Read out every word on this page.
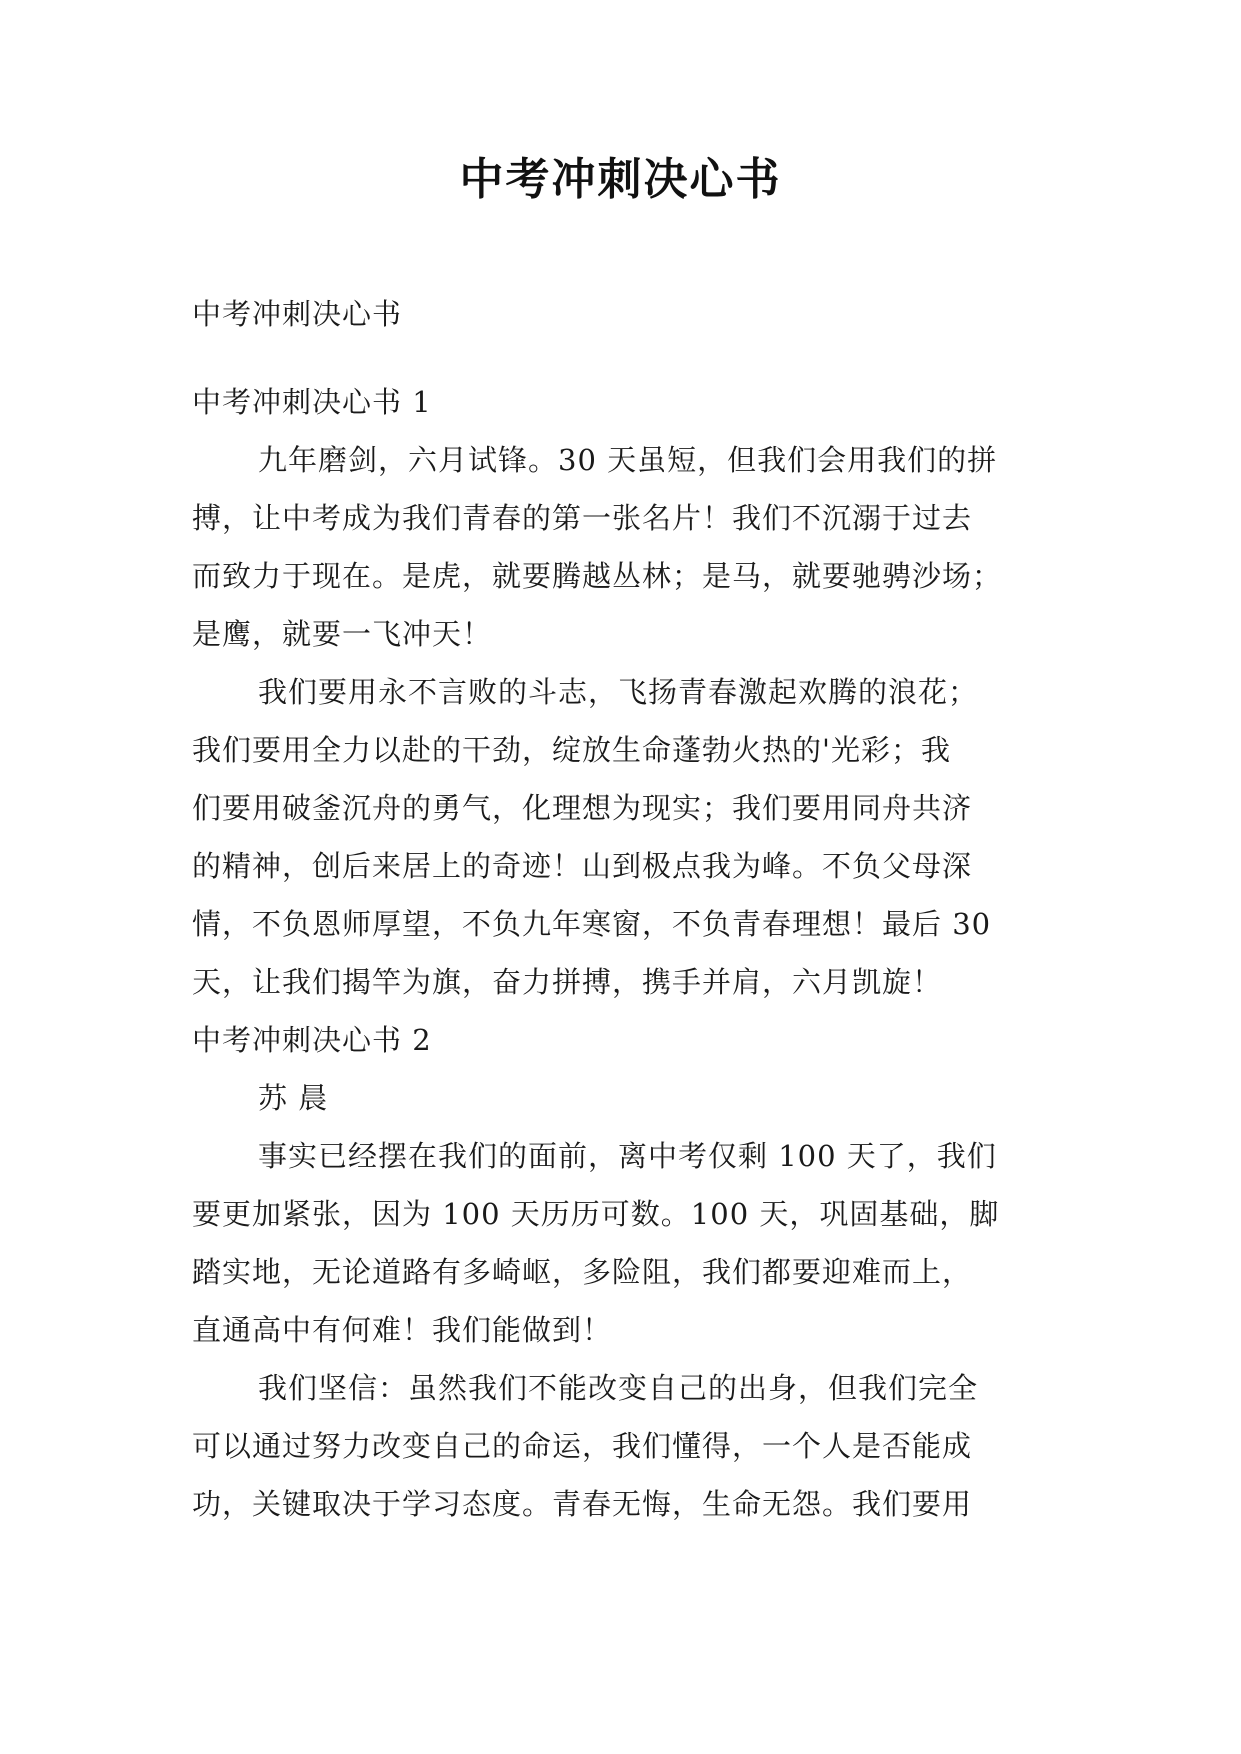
中考冲刺决心书
中考冲刺决心书
中考冲刺决心书 1
九年磨剑，六月试锋。30 天虽短，但我们会用我们的拼
搏，让中考成为我们青春的第一张名片！我们不沉溺于过去
而致力于现在。是虎，就要腾越丛林；是马，就要驰骋沙场；
是鹰，就要一飞冲天！
我们要用永不言败的斗志，飞扬青春激起欢腾的浪花；
我们要用全力以赴的干劲，绽放生命蓬勃火热的'光彩；我
们要用破釜沉舟的勇气，化理想为现实；我们要用同舟共济
的精神，创后来居上的奇迹！山到极点我为峰。不负父母深
情，不负恩师厚望，不负九年寒窗，不负青春理想！最后 30
天，让我们揭竿为旗，奋力拼搏，携手并肩，六月凯旋！
中考冲刺决心书 2
苏 晨
事实已经摆在我们的面前，离中考仅剩 100 天了，我们
要更加紧张，因为 100 天历历可数。100 天，巩固基础，脚
踏实地，无论道路有多崎岖，多险阻，我们都要迎难而上，
直通高中有何难！我们能做到！
我们坚信：虽然我们不能改变自己的出身，但我们完全
可以通过努力改变自己的命运，我们懂得，一个人是否能成
功，关键取决于学习态度。青春无悔，生命无怨。我们要用
